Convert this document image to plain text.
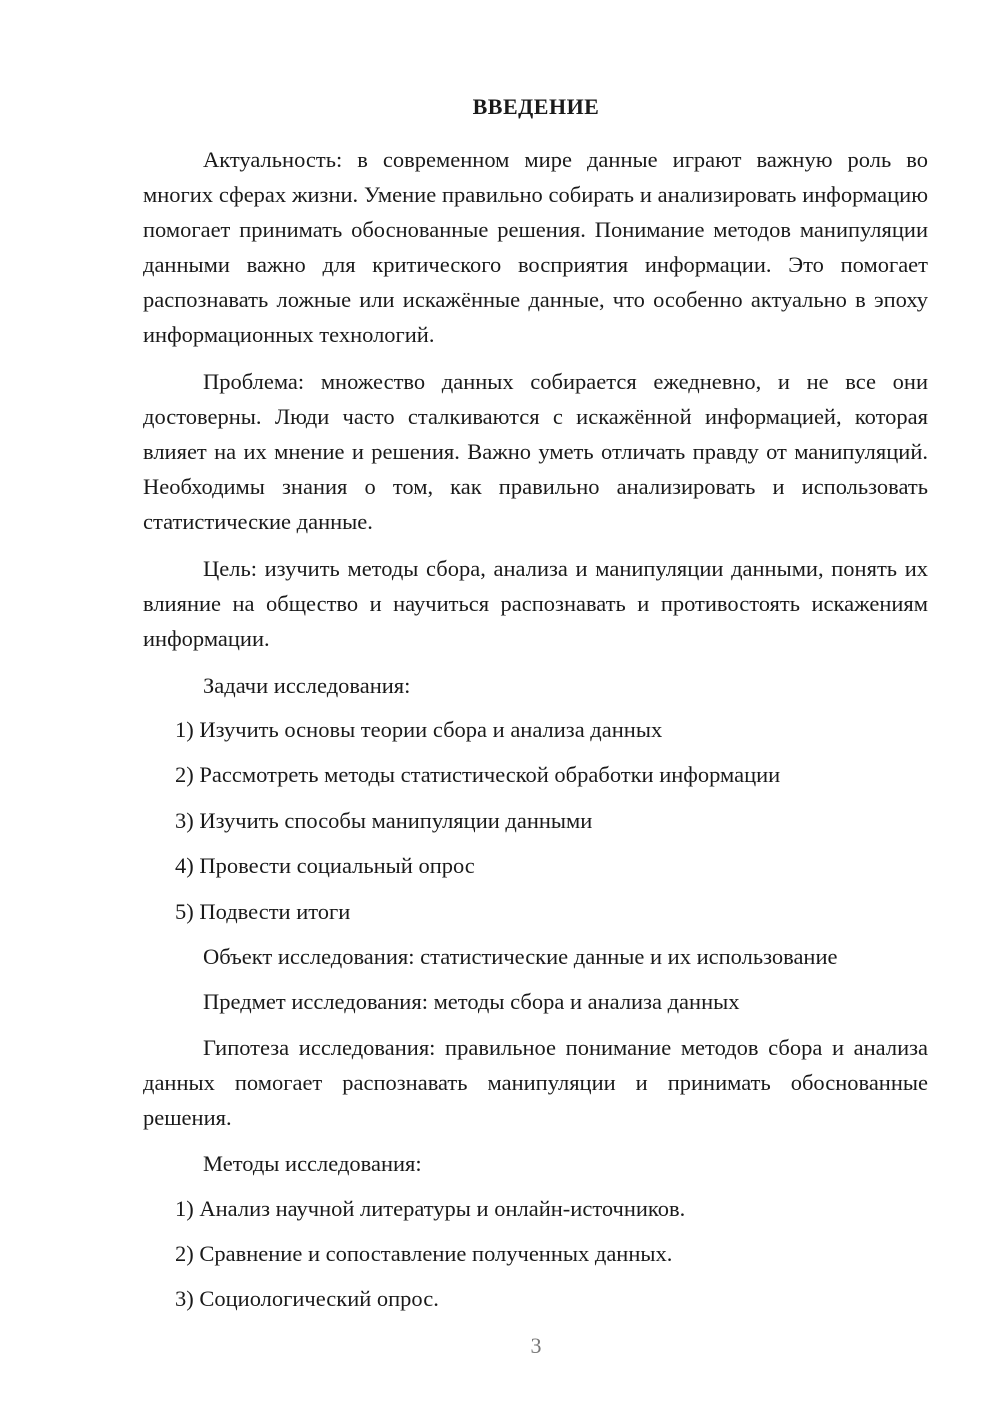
ВВЕДЕНИЕ

Актуальность: в современном мире данные играют важную роль во многих сферах жизни. Умение правильно собирать и анализировать информацию помогает принимать обоснованные решения. Понимание методов манипуляции данными важно для критического восприятия информации. Это помогает распознавать ложные или искажённые данные, что особенно актуально в эпоху информационных технологий.

Проблема: множество данных собирается ежедневно, и не все они достоверны. Люди часто сталкиваются с искажённой информацией, которая влияет на их мнение и решения. Важно уметь отличать правду от манипуляций. Необходимы знания о том, как правильно анализировать и использовать статистические данные.

Цель: изучить методы сбора, анализа и манипуляции данными, понять их влияние на общество и научиться распознавать и противостоять искажениям информации.

Задачи исследования:

1) Изучить основы теории сбора и анализа данных

2) Рассмотреть методы статистической обработки информации

3) Изучить способы манипуляции данными

4) Провести социальный опрос

5) Подвести итоги

Объект исследования: статистические данные и их использование

Предмет исследования: методы сбора и анализа данных

Гипотеза исследования: правильное понимание методов сбора и анализа данных помогает распознавать манипуляции и принимать обоснованные решения.

Методы исследования:

1) Анализ научной литературы и онлайн-источников.

2) Сравнение и сопоставление полученных данных.

3) Социологический опрос.

3
